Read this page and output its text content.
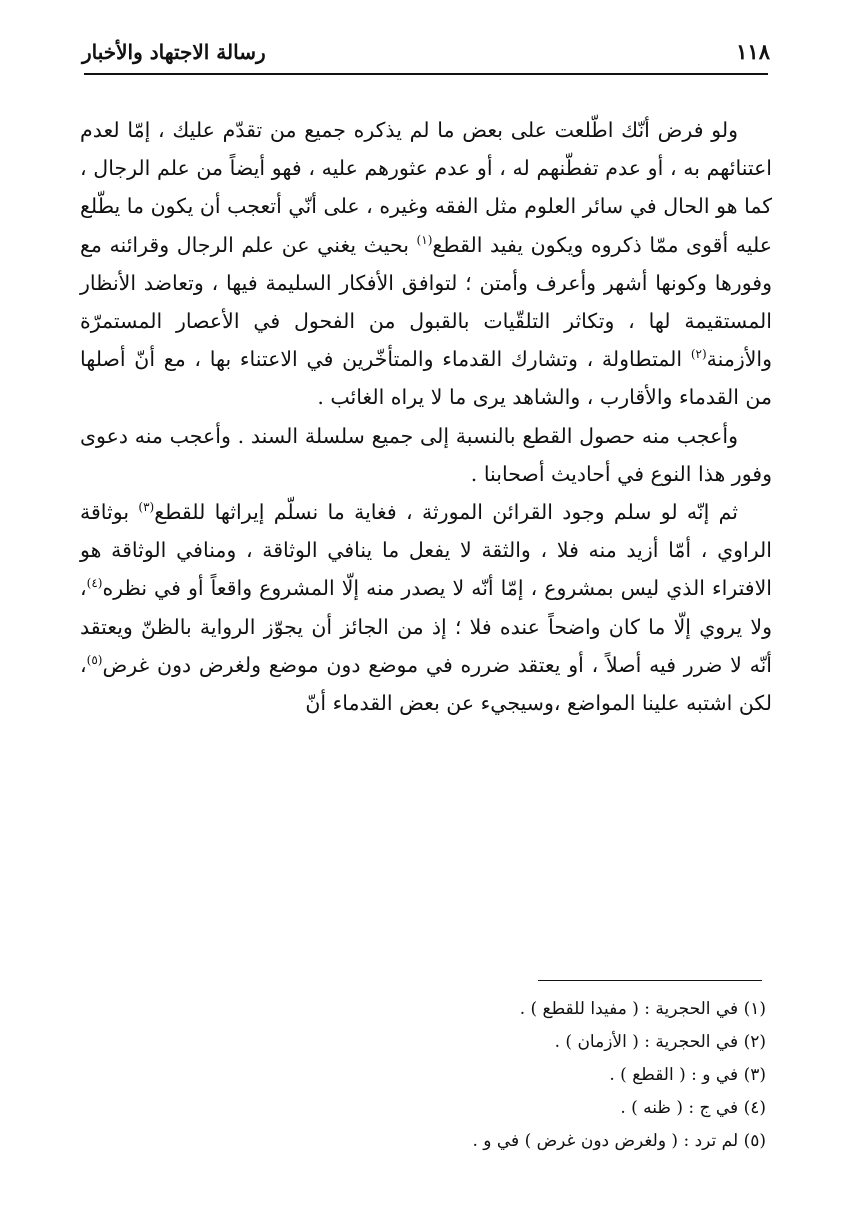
١١٨
رسالة الاجتهاد والأخبار

ولو فرض أنّك اطّلعت على بعض ما لم يذكره جميع من تقدّم عليك ، إمّا لعدم اعتنائهم به ، أو عدم تفطّنهم له ، أو عدم عثورهم عليه ، فهو أيضاً من علم الرجال ، كما هو الحال في سائر العلوم مثل الفقه وغيره ، على أنّي أتعجب أن يكون ما يطّلع عليه أقوى ممّا ذكروه ويكون يفيد القطع$^{(١)}$ بحيث يغني عن علم الرجال وقرائنه مع وفورها وكونها أشهر وأعرف وأمتن ؛ لتوافق الأفكار السليمة فيها ، وتعاضد الأنظار المستقيمة لها ، وتكاثر التلقّيات بالقبول من الفحول في الأعصار المستمرّة والأزمنة$^{(٢)}$ المتطاولة ، وتشارك القدماء والمتأخّرين في الاعتناء بها ، مع أنّ أصلها من القدماء والأقارب ، والشاهد يرى ما لا يراه الغائب .

وأعجب منه حصول القطع بالنسبة إلى جميع سلسلة السند . وأعجب منه دعوى وفور هذا النوع في أحاديث أصحابنا .

ثم إنّه لو سلم وجود القرائن المورثة ، فغاية ما نسلّم إيراثها للقطع$^{(٣)}$ بوثاقة الراوي ، أمّا أزيد منه فلا ، والثقة لا يفعل ما ينافي الوثاقة ، ومنافي الوثاقة هو الافتراء الذي ليس بمشروع ، إمّا أنّه لا يصدر منه إلّا المشروع واقعاً أو في نظره$^{(٤)}$، ولا يروي إلّا ما كان واضحاً عنده فلا ؛ إذ من الجائز أن يجوّز الرواية بالظنّ ويعتقد أنّه لا ضرر فيه أصلاً ، أو يعتقد ضرره في موضع دون موضع ولغرض دون غرض$^{(٥)}$، لكن اشتبه علينا المواضع ،وسيجيء عن بعض القدماء أنّ

(١) في الحجرية : ( مفيدا للقطع ) .
(٢) في الحجرية : ( الأزمان ) .
(٣) في و : ( القطع ) .
(٤) في ج : ( ظنه ) .
(٥) لم ترد : ( ولغرض دون غرض ) في و .
